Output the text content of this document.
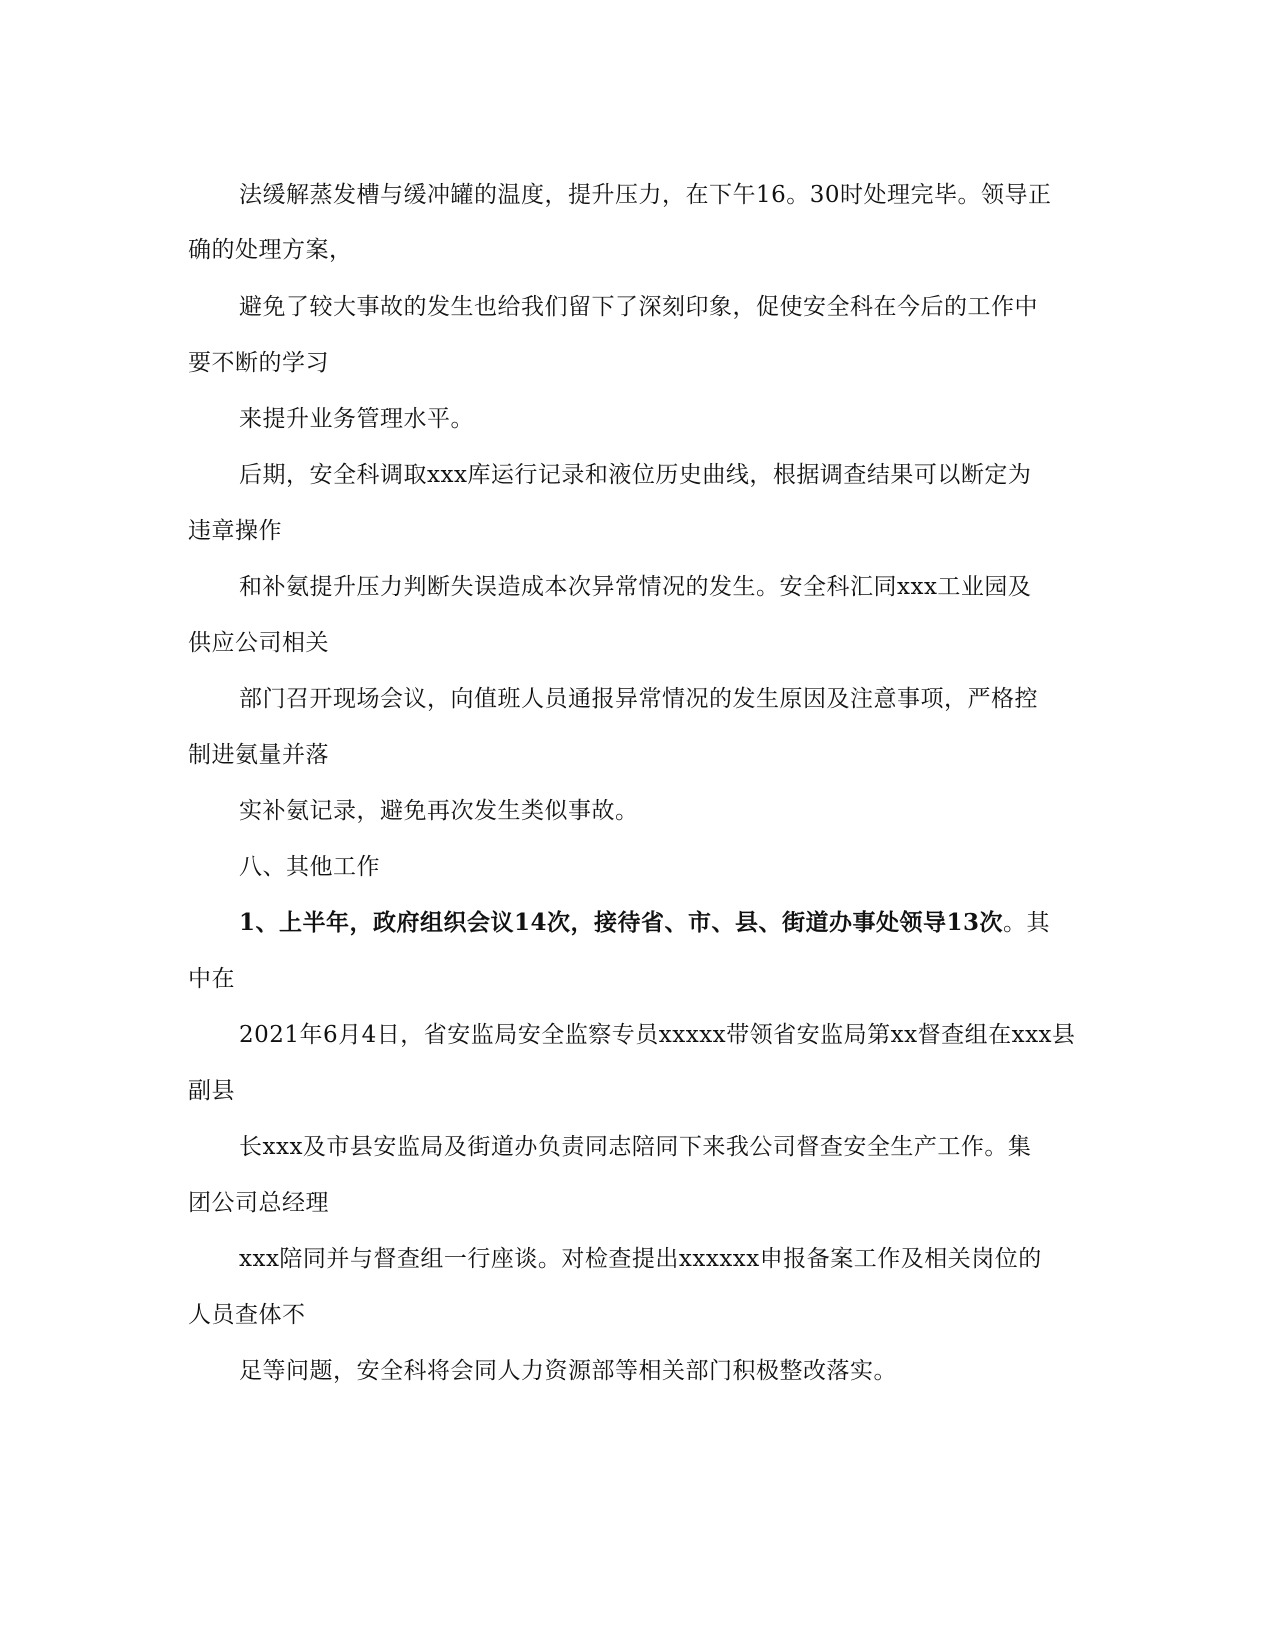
法缓解蒸发槽与缓冲罐的温度，提升压力，在下午16。30时处理完毕。领导正
确的处理方案，
避免了较大事故的发生也给我们留下了深刻印象，促使安全科在今后的工作中
要不断的学习
来提升业务管理水平。
后期，安全科调取xxx库运行记录和液位历史曲线，根据调查结果可以断定为
违章操作
和补氨提升压力判断失误造成本次异常情况的发生。安全科汇同xxx工业园及
供应公司相关
部门召开现场会议，向值班人员通报异常情况的发生原因及注意事项，严格控
制进氨量并落
实补氨记录，避免再次发生类似事故。
八、其他工作
1、上半年，政府组织会议14次，接待省、市、县、街道办事处领导13次。其
中在
2021年6月4日，省安监局安全监察专员xxxxx带领省安监局第xx督查组在xxx县
副县
长xxx及市县安监局及街道办负责同志陪同下来我公司督查安全生产工作。集
团公司总经理
xxx陪同并与督查组一行座谈。对检查提出xxxxxx申报备案工作及相关岗位的
人员查体不
足等问题，安全科将会同人力资源部等相关部门积极整改落实。
